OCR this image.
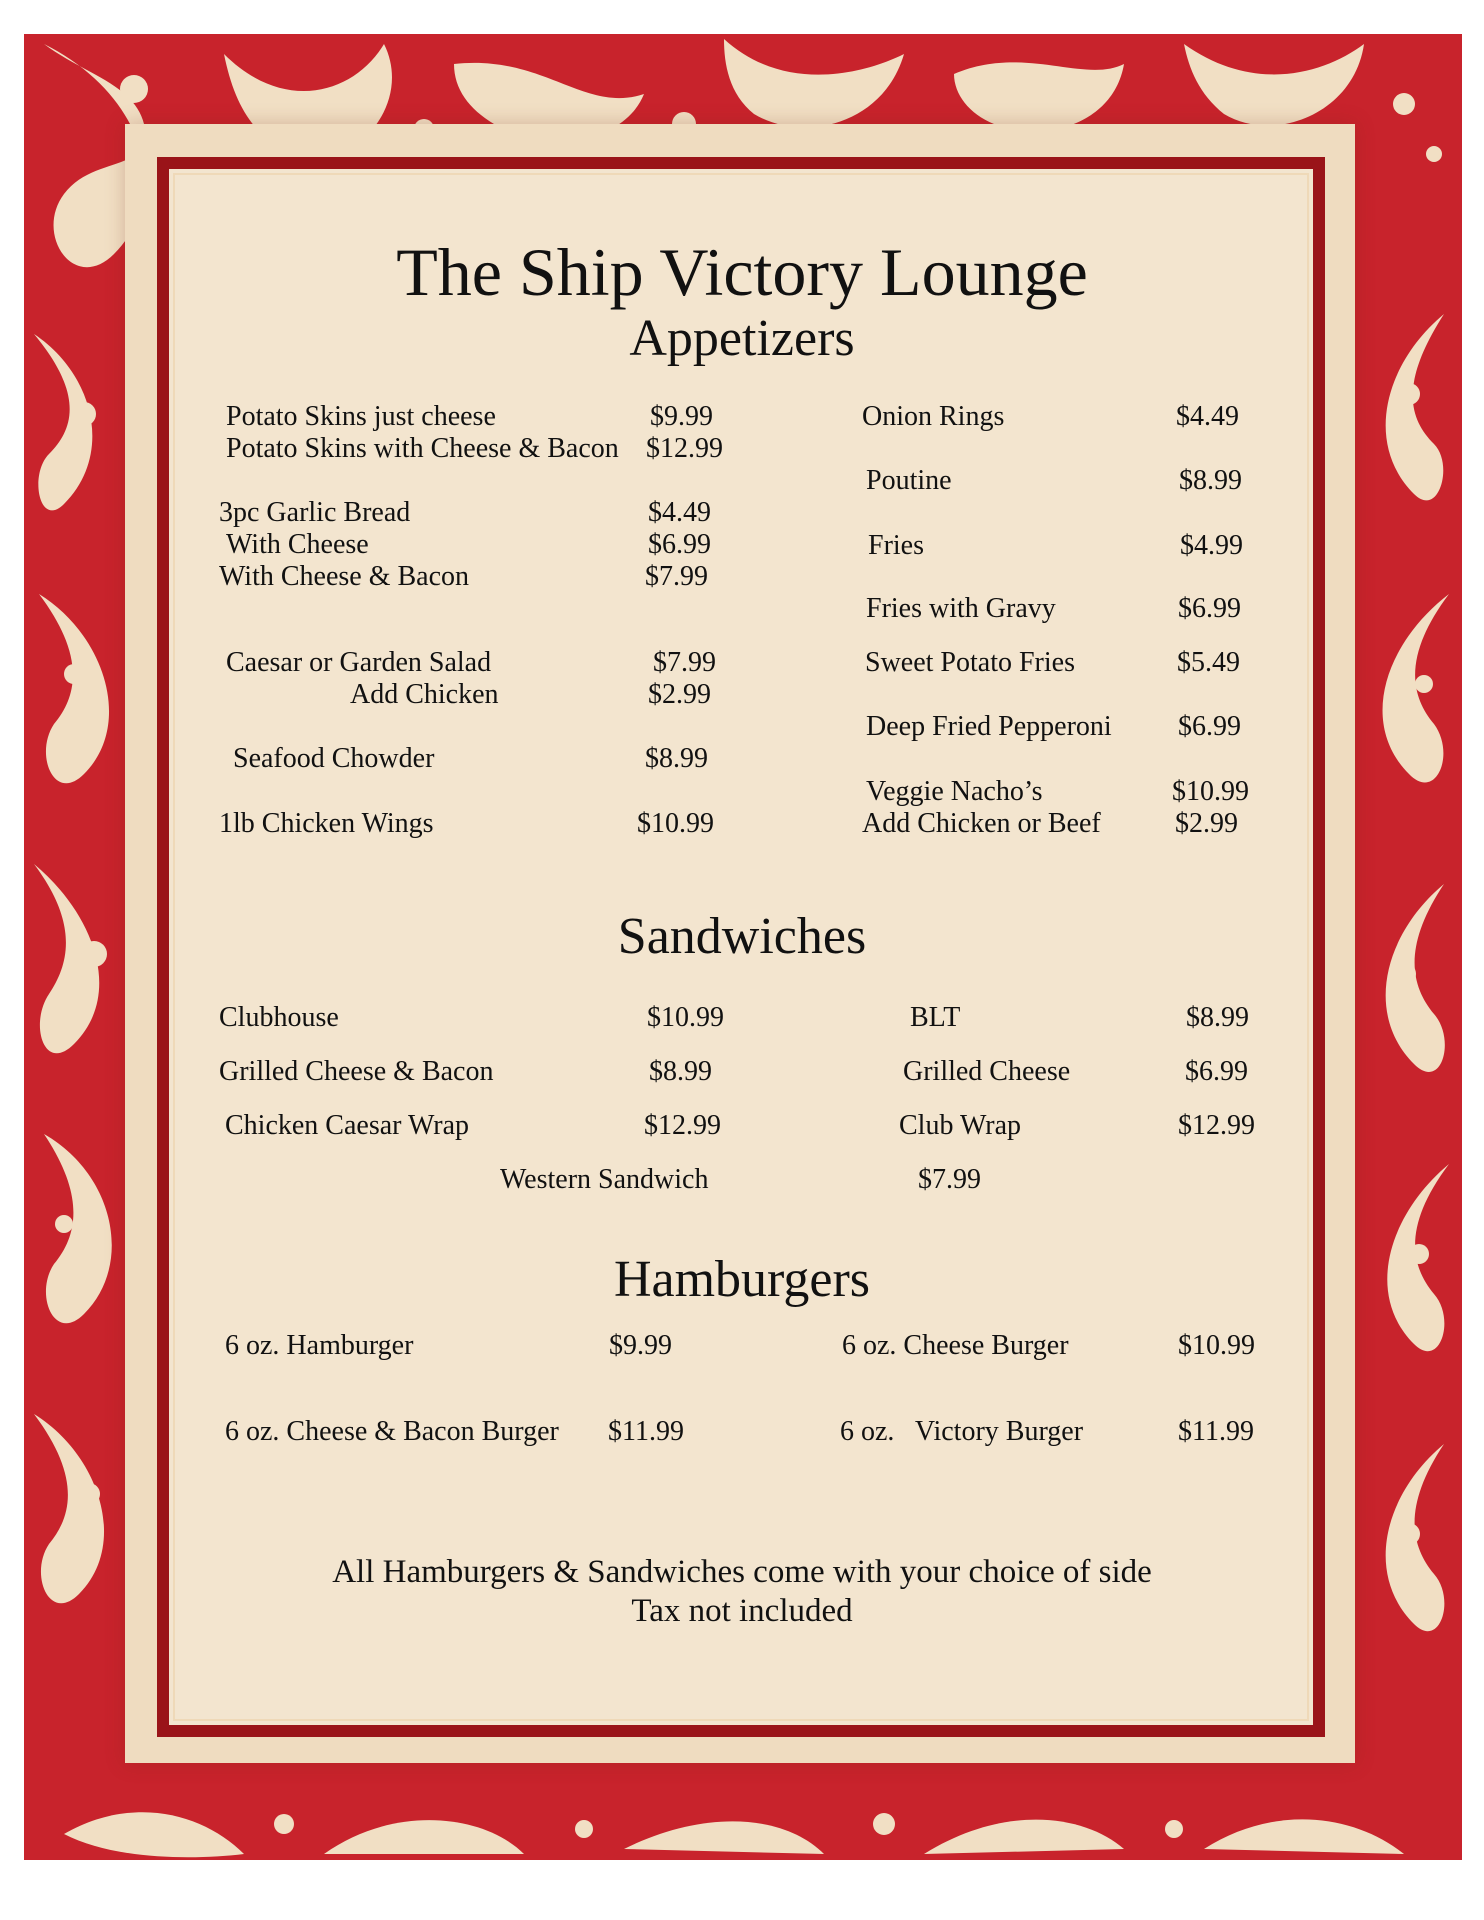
The Ship Victory Lounge
Appetizers
Potato Skins just cheese	$9.99
Potato Skins with Cheese & Bacon $12.99
3pc Garlic Bread	$4.49
With Cheese	$6.99
With Cheese & Bacon	$7.99
Caesar or Garden Salad	$7.99
Add Chicken	$2.99
Seafood Chowder	$8.99
1lb Chicken Wings	$10.99
Onion Rings	$4.49
Poutine	$8.99
Fries	$4.99
Fries with Gravy	$6.99
Sweet Potato Fries	$5.49
Deep Fried Pepperoni $6.99
Veggie Nacho’s	$10.99
Add Chicken or Beef	$2.99
Sandwiches
Clubhouse	$10.99
Grilled Cheese & Bacon	$8.99
Chicken Caesar Wrap	$12.99
BLT	$8.99
Grilled Cheese	$6.99
Club Wrap	$12.99
Western Sandwich	$7.99
Hamburgers
6 oz. Hamburger	$9.99
6 oz. Cheese & Bacon Burger $11.99
6 oz. Cheese Burger	$10.99
6 oz.   Victory Burger	$11.99
All Hamburgers & Sandwiches come with your choice of side
Tax not included
